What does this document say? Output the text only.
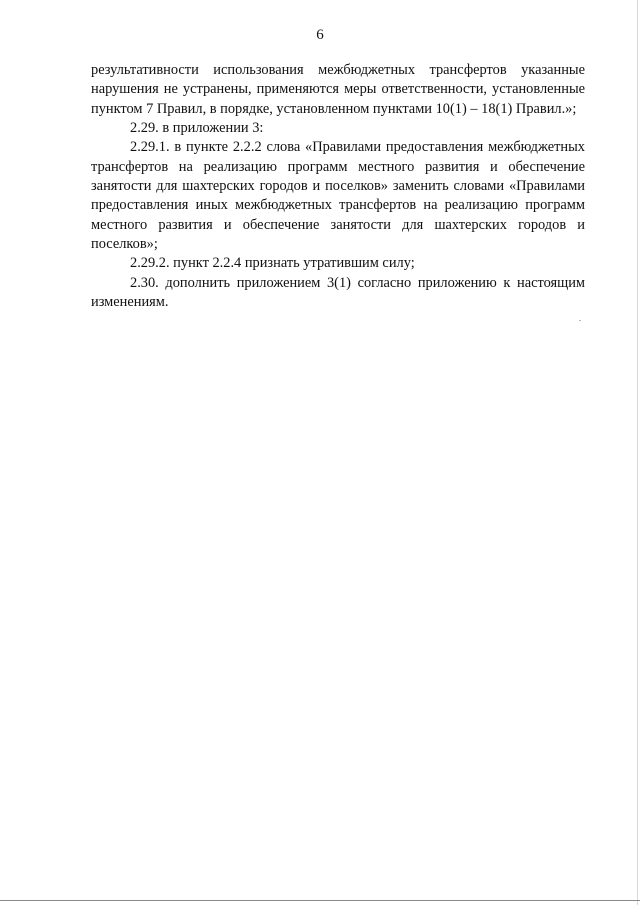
6

результативности использования межбюджетных трансфертов указанные нарушения не устранены, применяются меры ответственности, установленные пунктом 7 Правил, в порядке, установленном пунктами 10(1) – 18(1) Правил.»;

2.29. в приложении 3:

2.29.1. в пункте 2.2.2 слова «Правилами предоставления межбюджетных трансфертов на реализацию программ местного развития и обеспечение занятости для шахтерских городов и поселков» заменить словами «Правилами предоставления иных межбюджетных трансфертов на реализацию программ местного развития и обеспечение занятости для шахтерских городов и поселков»;

2.29.2. пункт 2.2.4 признать утратившим силу;

2.30. дополнить приложением 3(1) согласно приложению к настоящим изменениям.
